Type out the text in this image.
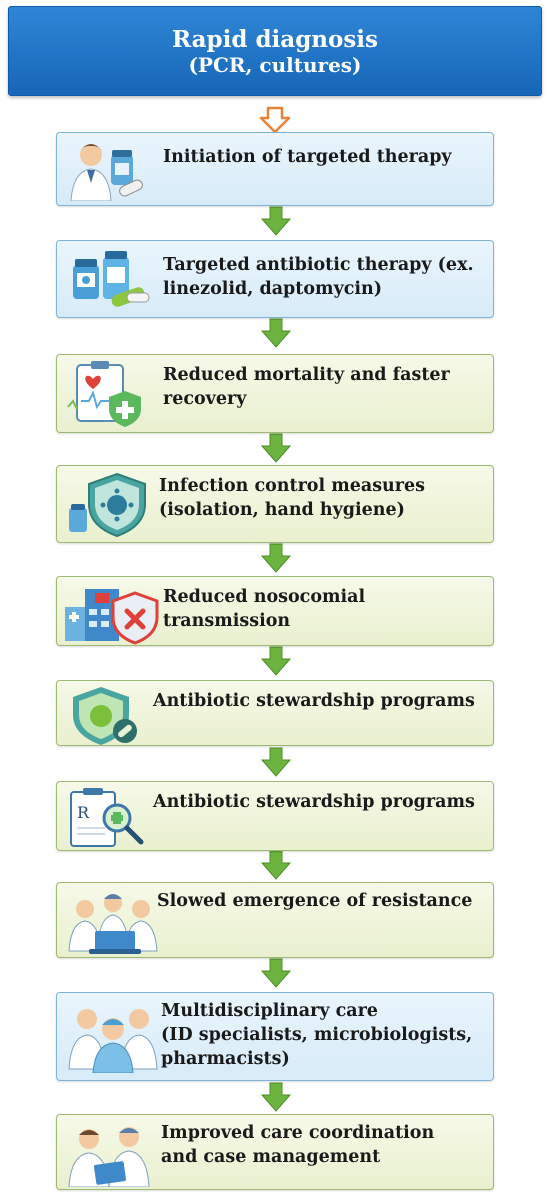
Rapid diagnosis
(PCR, cultures)
Initiation of targeted therapy
Targeted antibiotic therapy (ex.
linezolid, daptomycin)
Reduced mortality and faster
recovery
Infection control measures
(isolation, hand hygiene)
Reduced nosocomial transmission
Antibiotic stewardship programs
R
Antibiotic stewardship programs
Slowed emergence of resistance
Multidisciplinary care
(ID specialists, microbiologists,
pharmacists)
Improved care coordination
and case management
